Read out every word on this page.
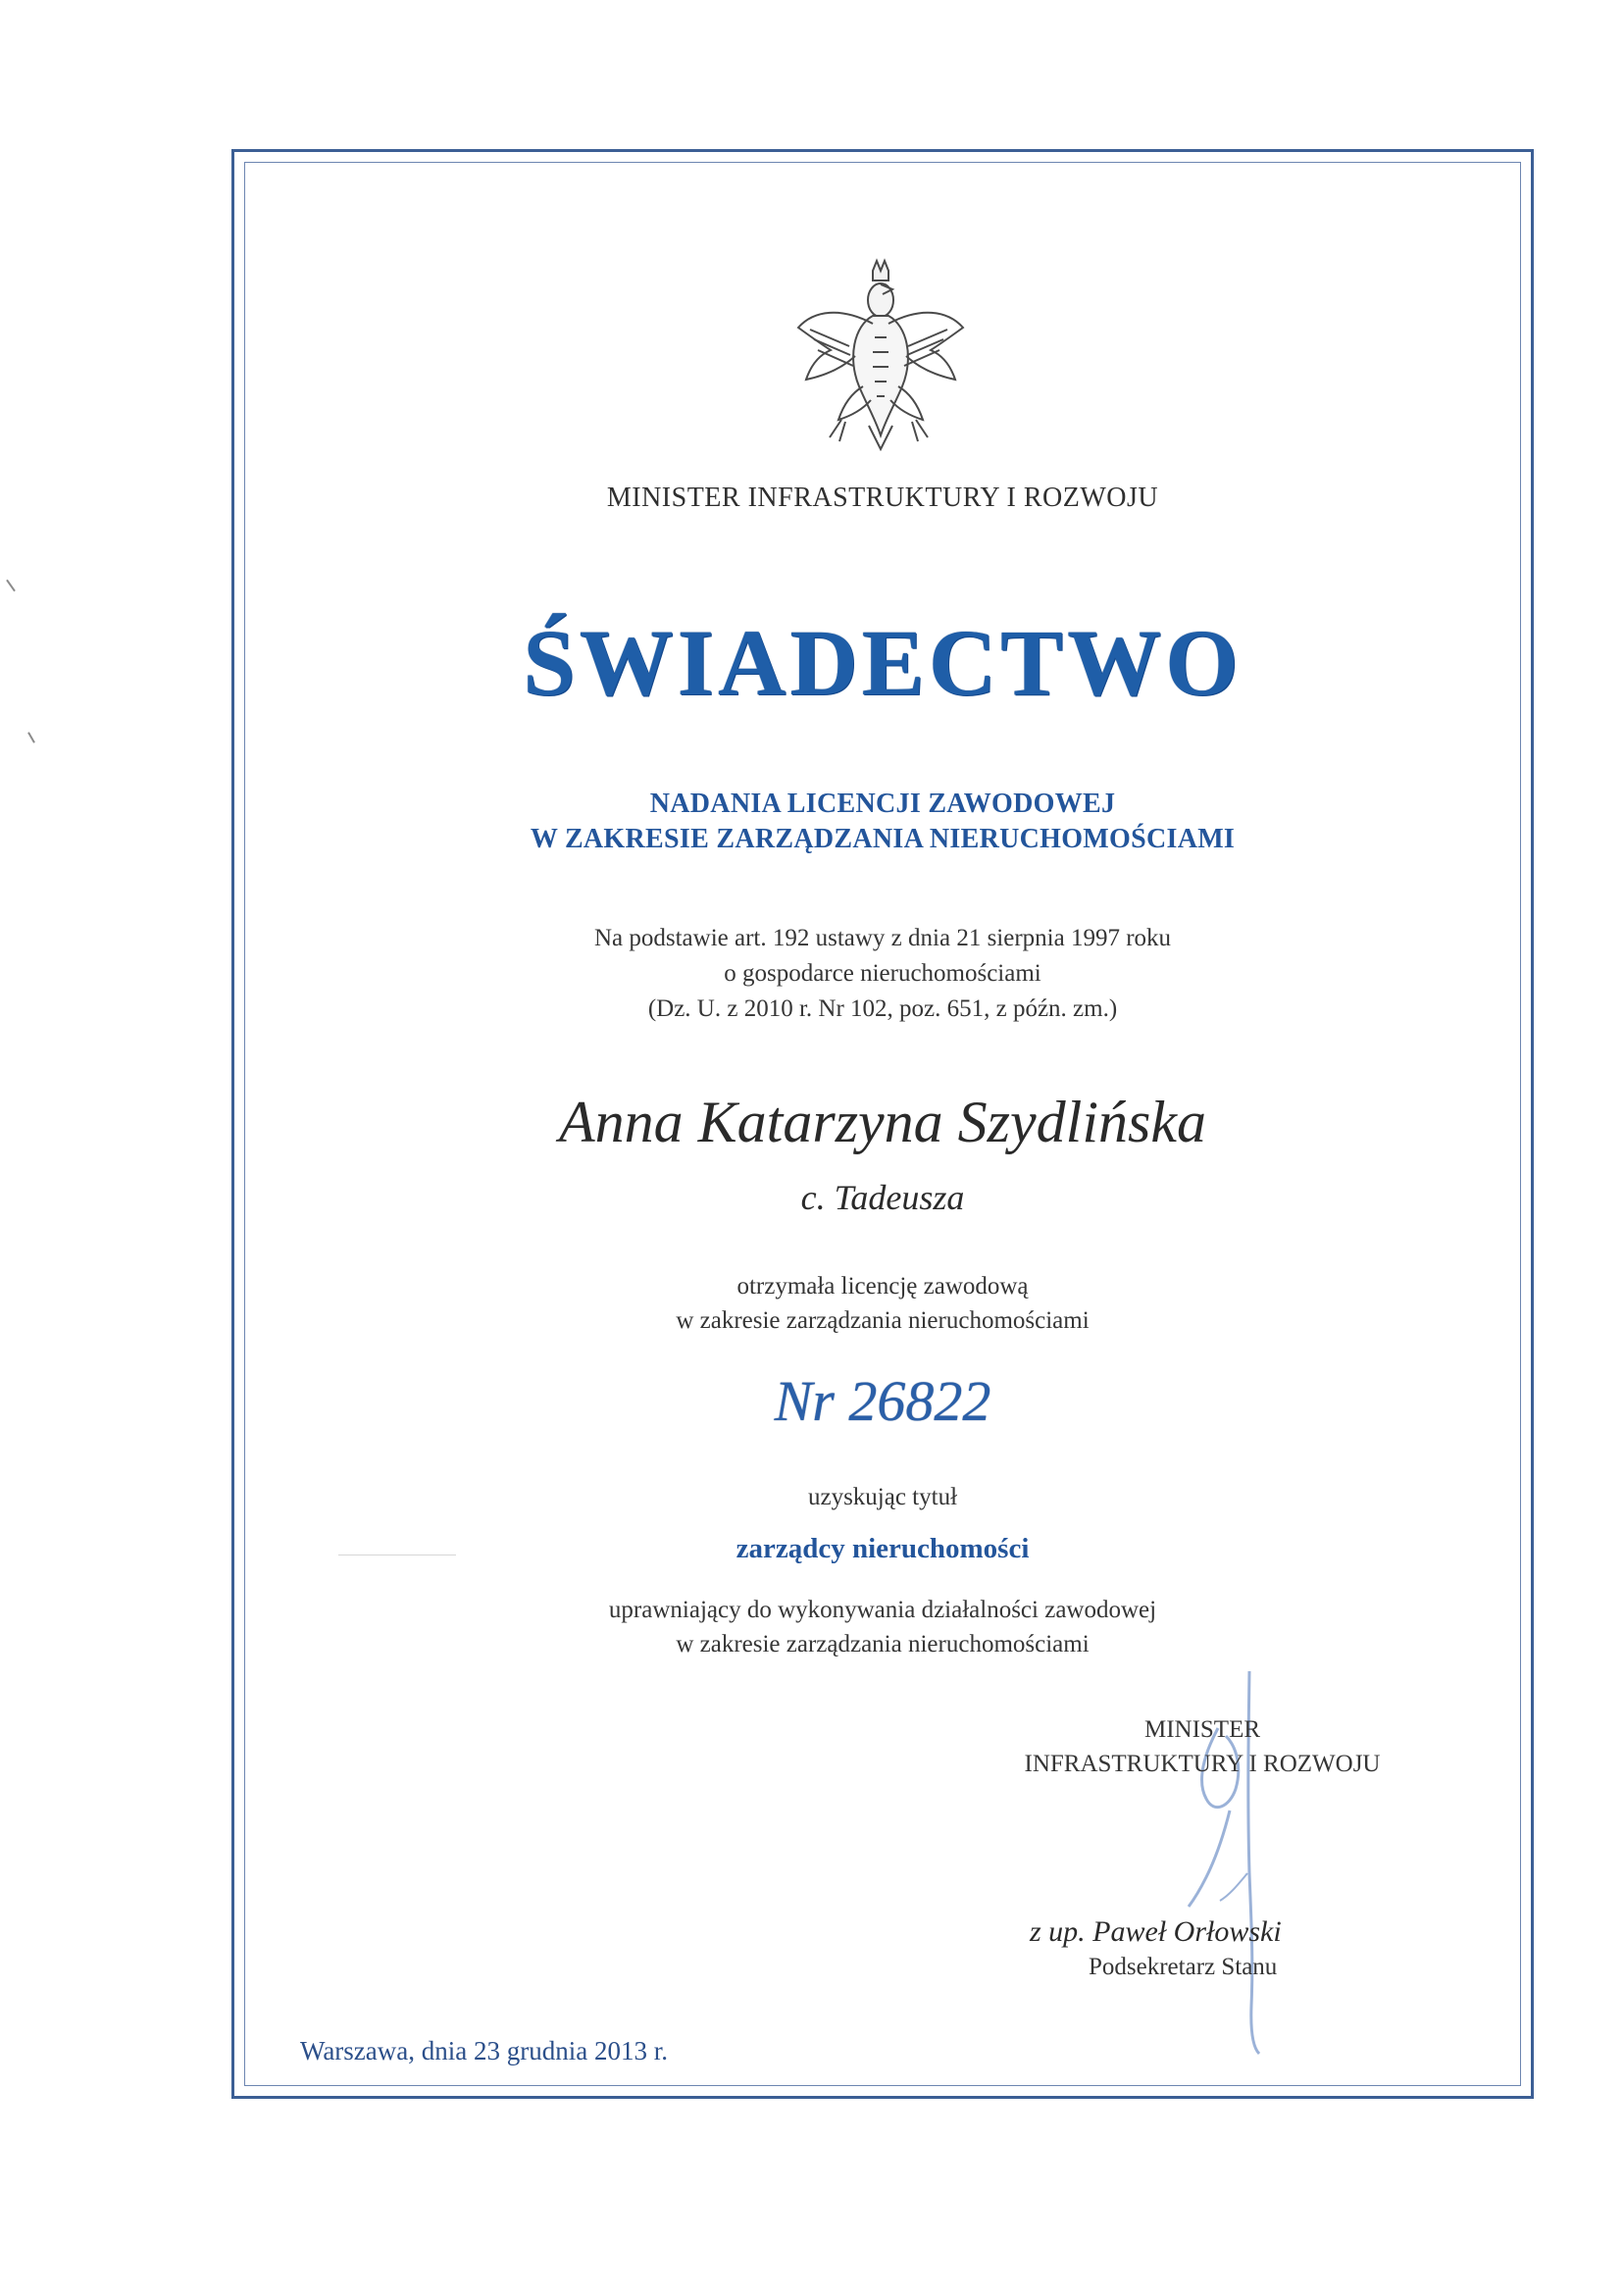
MINISTER INFRASTRUKTURY I ROZWOJU
ŚWIADECTWO
NADANIA LICENCJI ZAWODOWEJ
W ZAKRESIE ZARZĄDZANIA NIERUCHOMOŚCIAMI
Na podstawie art. 192 ustawy z dnia 21 sierpnia 1997 roku
o gospodarce nieruchomościami
(Dz. U. z 2010 r. Nr 102, poz. 651, z późn. zm.)
Anna Katarzyna Szydlińska
c. Tadeusza
otrzymała licencję zawodową
w zakresie zarządzania nieruchomościami
Nr 26822
uzyskując tytuł
zarządcy nieruchomości
uprawniający do wykonywania działalności zawodowej
w zakresie zarządzania nieruchomościami
MINISTER
INFRASTRUKTURY I ROZWOJU
z up. Paweł Orłowski
Podsekretarz Stanu
Warszawa, dnia 23 grudnia 2013 r.
